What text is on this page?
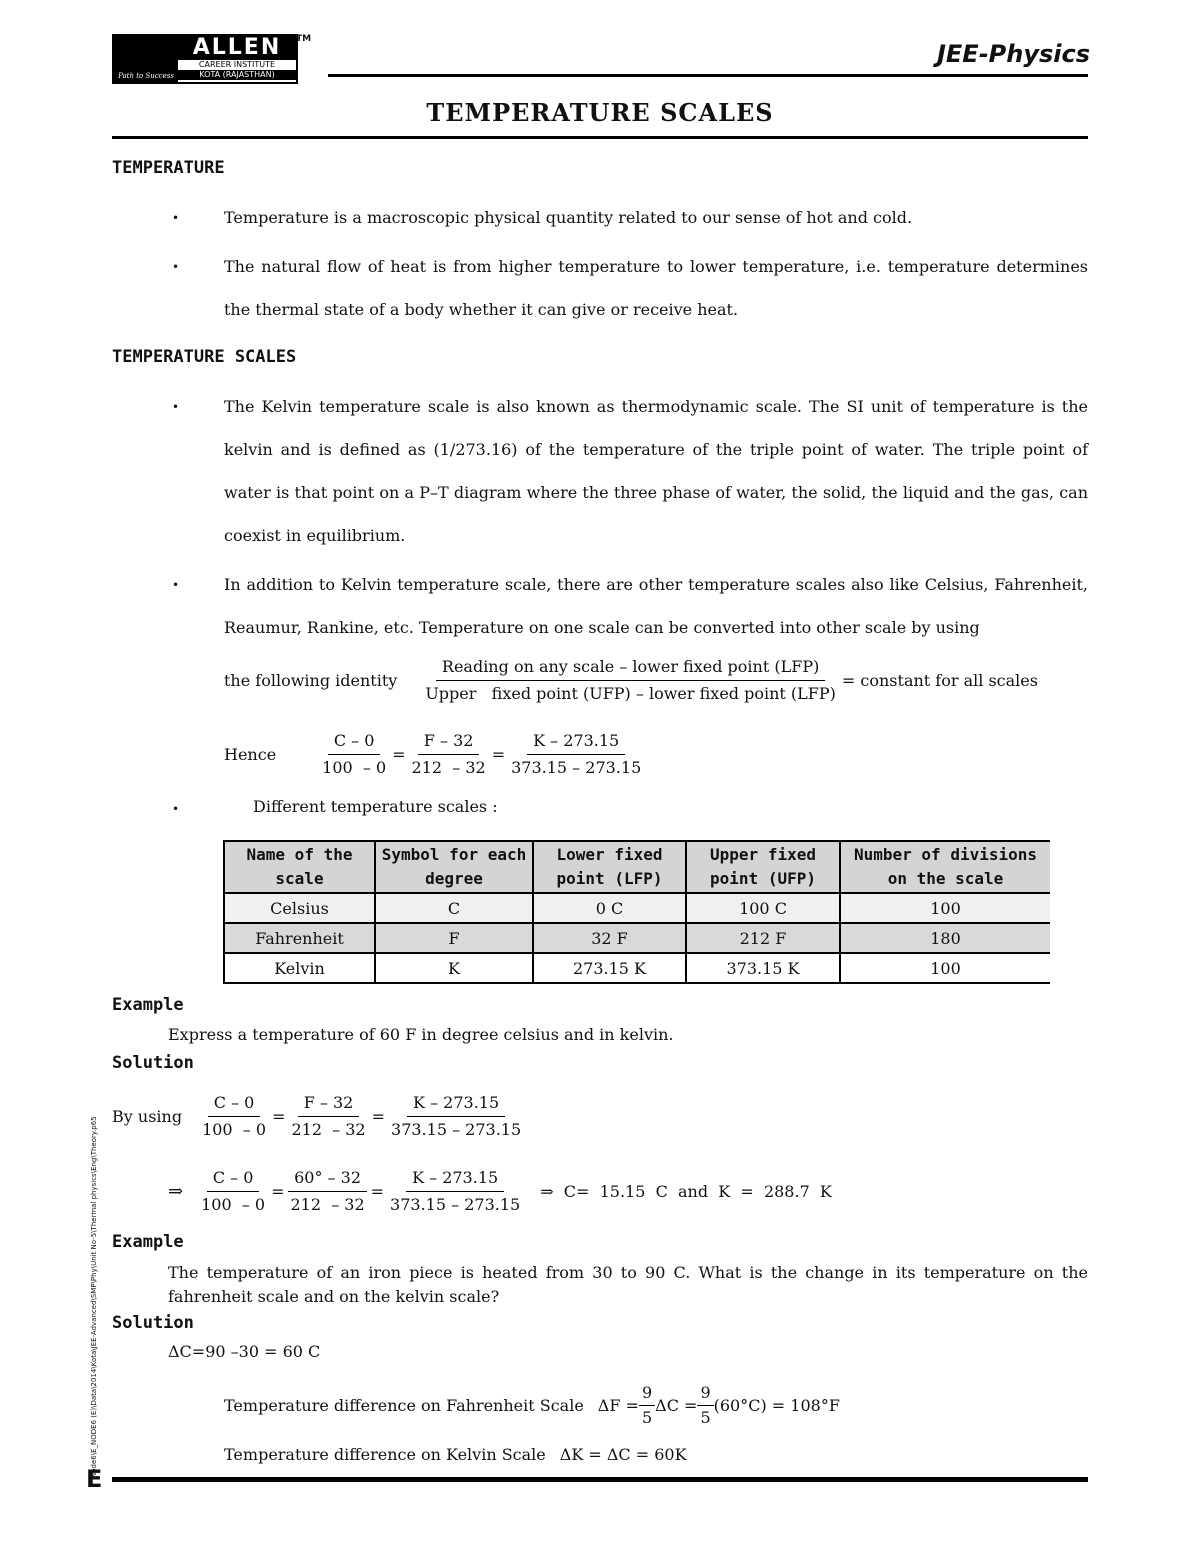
Path to Success
ALLEN
CAREER INSTITUTE
KOTA (RAJASTHAN)
TM
JEE-Physics
TEMPERATURE SCALES
TEMPERATURE
•	Temperature is a macroscopic physical quantity related to our sense of hot and cold.
•	The natural flow of heat is from higher temperature to lower temperature, i.e. temperature determines the thermal state of a body whether it can give or receive heat.
TEMPERATURE SCALES
•	The Kelvin temperature scale is also known as thermodynamic scale. The SI unit of temperature is the kelvin and is defined as (1/273.16) of the temperature of the triple point of water. The triple point of water is that point on a P–T diagram where the three phase of water, the solid, the liquid and the gas, can coexist in equilibrium.
•	In addition to Kelvin temperature scale, there are other temperature scales also like Celsius, Fahrenheit, Reaumur, Rankine, etc. Temperature on one scale can be converted into other scale by using
the following identity $\frac{\text{Reading on any scale – lower fixed point (LFP)}}{\text{Upper   fixed point (UFP) – lower fixed point (LFP)}}$ = constant for all scales
Hence	$\frac{C - 0}{100 - 0} = \frac{F - 32}{212 - 32} = \frac{K - 273.15}{373.15 - 273.15}$
•	Different temperature scales :
Name of the scale	Symbol for each degree	Lower fixed point (LFP)	Upper fixed point (UFP)	Number of divisions on the scale
Celsius	C	0 C	100 C	100
Fahrenheit	F	32 F	212 F	180
Kelvin	K	273.15 K	373.15 K	100
Example
Express a temperature of 60 F in degree celsius and in kelvin.
Solution
By using $\frac{C - 0}{100 - 0} = \frac{F - 32}{212 - 32} = \frac{K - 273.15}{373.15 - 273.15}$
⇒ $\frac{C - 0}{100 - 0} = \frac{60^\circ - 32}{212 - 32} = \frac{K - 273.15}{373.15 - 273.15}$ ⇒  C=  15.15  C  and  K  =  288.7  K
Example
The temperature of an iron piece is heated from 30 to 90 C. What is the change in its temperature on the fahrenheit scale and on the kelvin scale?
Solution
ΔC=90 –30 = 60 C
Temperature difference on Fahrenheit Scale $\Delta F = \frac{9}{5}$ $\Delta C = \frac{9}{5} (60^\circ C) = 108^\circ F$
Temperature difference on Kelvin Scale ΔK = ΔC = 60K
Node6\E_NODE6 (E)\Data\2014\Kota\JEE-Advanced\SMP\Phy\Unit No-5\Thermal physics\Eng\Theory.p65
E
